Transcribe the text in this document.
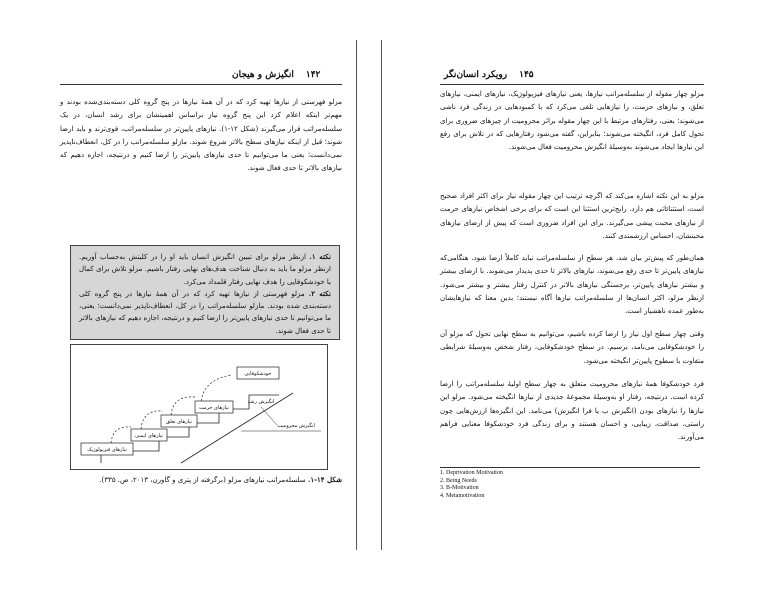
۱۴۲
انگیزش و هیجان
مزلو فهرستی از نیازها تهیه کرد که در آن همهٔ نیازها در پنج گروه کلی دسته‌بندی‌شده بودند و مهم‌تر اینکه اعلام کرد این پنج گروه نیاز براساس اهمیتشان برای رشد انسان، در یک سلسله‌مراتب قرار می‌گیرند (شکل ۱۲-۱). نیازهای پایین‌تر در سلسله‌مراتب، قوی‌ترند و باید ارضا شوند؛ قبل از اینکه نیازهای سطح بالاتر شروع شوند. مازلو سلسله‌مراتب را در کل، انعطاف‌ناپذیر نمی‌دانست؛ یعنی ما می‌توانیم تا حدی نیازهای پایین‌تر را ارضا کنیم و درنتیجه، اجازه دهیم که نیازهای بالاتر تا حدی فعال شوند.
نکته ۱. ازنظر مزلو برای تبیین انگیزش انسان باید او را در کلیتش به‌حساب آوریم. ازنظر مزلو ما باید به دنبال شناخت هدف‌های نهایی رفتار باشیم. مزلو تلاش برای کمال یا خودشکوفایی را هدف نهایی رفتار قلمداد می‌کرد.
نکته ۲. مزلو فهرستی از نیازها تهیه کرد که در آن همهٔ نیازها در پنج گروه کلی دسته‌بندی شده بودند. مازلو سلسله‌مراتب را در کل، انعطاف‌ناپذیر نمی‌دانست؛ یعنی، ما می‌توانیم تا حدی نیازهای پایین‌تر را ارضا کنیم و درنتیجه، اجازه دهیم که نیازهای بالاتر تا حدی فعال شوند.
نیازهای فیزیولوژیک
نیازهای ایمنی
نیازهای تعلق
نیازهای حرمت
خودشکوفایی
انگیزش رشد
انگیزش محرومیت
شکل ۱۴-۱. سلسله‌مراتب نیازهای مزلو (برگرفته از پتری و گاورن، ۲۰۱۳، ص. ۳۳۵).
۱۴۵
رویکرد انسان‌نگر
مزلو چهار مقوله از سلسله‌مراتب نیازها، یعنی نیازهای فیزیولوژیک، نیازهای ایمنی، نیازهای تعلق، و نیازهای حرمت، را نیازهایی تلقی می‌کرد که با کمبودهایی در زندگی فرد ناشی می‌شوند؛ یعنی، رفتارهای مرتبط با این چهار مقوله براثر محرومیت از چیزهای ضروری برای تحول کامل فرد، انگیخته می‌شوند؛ بنابراین، گفته می‌شود رفتارهایی که در تلاش برای رفع این نیازها ایجاد می‌شوند به‌وسیلهٔ انگیزش محرومیت فعال می‌شوند.
مزلو به این نکته اشاره می‌کند که اگرچه ترتیب این چهار مقوله نیاز برای اکثر افراد صحیح است، استثنائاتی هم دارد. رایج‌ترین استثنا این است که برای برخی اشخاص نیازهای حرمت از نیازهای محبت پیشی می‌گیرند. برای این افراد ضروری است که پیش از ارضای نیازهای محبتشان، احساس ارزشمندی کنند.
همان‌طور که پیش‌تر بیان شد، هر سطح از سلسله‌مراتب نباید کاملاً ارضا شود. هنگامی‌که نیازهای پایین‌تر تا حدی رفع می‌شوند، نیازهای بالاتر تا حدی پدیدار می‌شوند. با ارضای بیشتر و بیشتر نیازهای پایین‌تر، برجستگی نیازهای بالاتر در کنترل رفتار بیشتر و بیشتر می‌شود. ازنظر مزلو، اکثر انسان‌ها از سلسله‌مراتب نیازها آگاه نیستند؛ بدین معنا که نیازهایشان به‌طور عمده ناهشیار است.
وقتی چهار سطح اول نیاز را ارضا کرده باشیم، می‌توانیم به سطح نهایی تحول که مزلو آن را خودشکوفایی می‌نامد، برسیم. در سطح خودشکوفایی، رفتار شخص به‌وسیلهٔ شرایطی متفاوت با سطوح پایین‌تر انگیخته می‌شود.
فرد خودشکوفا همهٔ نیازهای محرومیت متعلق به چهار سطح اولیهٔ سلسله‌مراتب را ارضا کرده است. درنتیجه، رفتار او به‌وسیلهٔ مجموعهٔ جدیدی از نیازها انگیخته می‌شود. مزلو این نیازها را نیازهای بودن (انگیزش ب یا فرا انگیزش) می‌نامد. این انگیزه‌ها ارزش‌هایی چون راستی، صداقت، زیبایی، و احسان هستند و برای زندگی فرد خودشکوفا معنایی فراهم می‌آورند.
1. Deprivation Motivation
2. Being Needs
3. B-Motivation
4. Metamotivation
